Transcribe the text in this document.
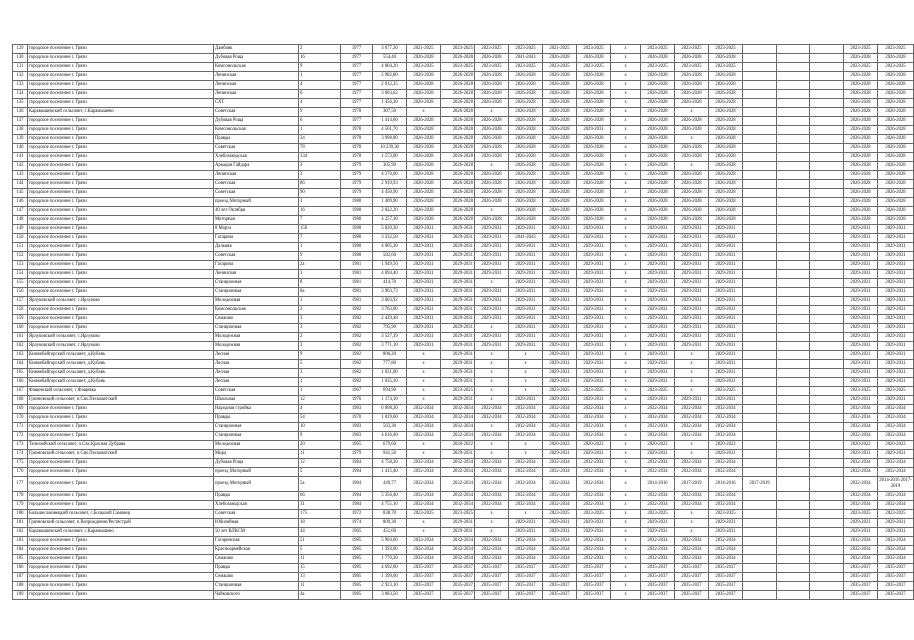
129	городское поселение г. Грязи	Дамбовк	2	1977	3 677,30	2021-2025	2023-2025	2023-2025	2023-2025	2021-2025	2023-2025	х	2023-2025	2023-2025	2023-2025				2023-2025	2023-2025
130	городское поселение г. Грязи	Дубовая Роща	16	1977	554,40	2026-2028	2026-2028	2026-2028	2041-2043	2026-2028	2026-2028	х	2026-2028	2026-2028	2026-2028				2026-2028	2026-2028
131	городское поселение г. Грязи	Комсомольская	9	1977	4 804,20	2023-2025	2023-2025	2023-2025	2023-2025	2023-2025	2023-2025	х	2023-2025	2023-2025	2023-2025				2023-2025	2023-2025
132	городское поселение г. Грязи	Ленинская	1	1977	2 982,00	2026-2028	2026-2028	2026-2028	2026-2028	2026-2028	2026-2028	х	2026-2028	2026-2028	2026-2028				2026-2028	2026-2028
133	городское поселение г. Грязи	Ленинская	4	1977	2 912,35	2026-2028	2026-2028	2026-2028	2026-2028	2026-2028	2026-2028	х	2026-2028	2026-2028	2026-2028				2026-2028	2026-2028
134	городское поселение г. Грязи	Ленинская	6	1977	3 003,62	2026-2028	2026-2028	2026-2028	2026-2028	2026-2028	2026-2028	х	2026-2028	2026-2028	2026-2028				2026-2028	2026-2028
135	городское поселение г. Грязи	СХТ	4	1977	1 456,30	2026-2028	2026-2028	2026-2028	2026-2028	2026-2028	2026-2028	х	2026-2028	2026-2028	2026-2028				2026-2028	2026-2028
136	Карамышевский сельсовет, с.Карамышево	Советская	9	1978	307,50	х	2026-2028	х	2026-2028	2026-2028	2026-2028	х	2026-2028	х	2026-2028				2026-2028	2026-2028
137	городское поселение г. Грязи	Дубовая Роща	6	1977	1 414,60	2026-2028	2026-2028	2026-2028	2026-2028	2026-2028	2026-2028	х	2026-2028	2026-2028	2026-2028				2026-2028	2026-2028
138	городское поселение г. Грязи	Комсомольская	1	1978	4 561,70	2026-2028	2026-2028	2026-2028	2026-2028	2026-2028	2029-2031	х	2026-2028	2026-2028	2026-2028				2026-2028	2026-2028
139	городское поселение г. Грязи	Правды	34	1978	3 998,80	2026-2028	2026-2028	2026-2028	2026-2028	2026-2028	2026-2028	х	2026-2028	х	2026-2028				2026-2028	2026-2028
140	городское поселение г. Грязи	Советская	78	1978	10 239,30	2026-2028	2026-2028	2026-2028	2026-2028	2026-2028	2026-2028	х	2026-2028	2026-2028	2026-2028				2026-2028	2026-2028
141	городское поселение г. Грязи	Хлебозаводская	134	1978	1 573,00	2026-2028	2026-2028	2026-2028	2026-2028	2026-2028	2026-2028	х	2026-2028	2026-2028	2026-2028				2026-2028	2026-2028
142	городское поселение г. Грязи	Аркадия Гайдара	3	1979	305,90	2026-2028	2026-2028	х	2026-2028	2026-2028	2026-2028	х	2026-2028	х	2026-2028				2026-2028	2026-2028
143	городское поселение г. Грязи	Ленинская	2	1979	4 270,00	2026-2028	2026-2028	2026-2028	2026-2028	2026-2028	2026-2028	х	2026-2028	2026-2028	2026-2028				2026-2028	2026-2028
144	городское поселение г. Грязи	Советская	86	1979	2 919,93	2026-2028	2026-2028	2026-2028	2026-2028	2026-2028	2026-2028	х	2026-2028	2026-2028	2026-2028				2026-2028	2026-2028
145	городское поселение г. Грязи	Советская	90	1979	4 450,90	2026-2028	2026-2028	2026-2028	2026-2028	2026-2028	2026-2028	х	2026-2028	2026-2028	2026-2028				2026-2028	2026-2028
146	городское поселение г. Грязи	проезд Моторный	3	1980	1 409,90	2026-2028	2026-2028	2026-2028	2026-2028	2026-2028	2026-2028	х	2026-2028	2026-2028	2026-2028				2026-2028	2026-2028
147	городское поселение г. Грязи	40 лет Октября	16	1980	2 822,20	2026-2028	2026-2028	х	2026-2028	2026-2028	2026-2028	х	2026-2028	2026-2028	2026-2028				2026-2028	2026-2028
148	городское поселение г. Грязи	Моторная	7	1980	4 257,30	2026-2028	2026-2028	2026-2028	2026-2028	2026-2028	2026-2028	х	2026-2028	2026-2028	2026-2028				2026-2028	2026-2028
149	городское поселение г. Грязи	8 Марта	15б	1980	5 820,30	2029-2031	2029-2031	2029-2031	2029-2031	2029-2031	2029-2031	х	2029-2031	2029-2031	2029-2031				2029-2031	2029-2031
150	городское поселение г. Грязи	Гагарина	7	1980	3 332,50	2029-2031	2029-2031	2029-2031	2041-2043	2029-2031	2029-2031	х	2029-2031	2029-2031	2029-2031				2029-2031	2029-2031
151	городское поселение г. Грязи	Дальняя	1	1980	4 805,30	2029-2031	2029-2031	2029-2031	2029-2031	2029-2031	2029-2031	х	2029-2031	2029-2031	2029-2031				2029-2031	2029-2031
152	городское поселение г. Грязи	Советская	9	1980	582,60	2029-2031	2029-2031	2029-2031	2029-2031	2029-2031	2029-2031	х	2029-2031	2029-2031	2029-2031				2029-2031	2029-2031
153	городское поселение г. Грязи	Гагарина	2а	1981	1 949,50	2029-2031	2029-2031	2029-2031	2029-2031	2029-2031	2029-2031	х	2029-2031	2029-2031	2029-2031				2029-2031	2029-2031
154	городское поселение г. Грязи	Ленинская	3	1981	4 894,40	2029-2031	2029-2031	2029-2031	2029-2031	2029-2031	2029-2031	х	2029-2031	2029-2031	2029-2031				2029-2031	2029-2031
155	городское поселение г. Грязи	Станционная	8	1981	414,70	2029-2031	2029-2031	х	2029-2031	2029-2031	2029-2031	х	2029-2031	2029-2031	2029-2031				2029-2031	2029-2031
156	городское поселение г. Грязи	Станционная	8а	1981	3 903,73	2029-2031	2029-2031	2029-2031	2029-2031	2029-2031	2029-2031	х	2029-2031	2029-2031	2029-2031				2029-2031	2029-2031
157	Ярлуковский сельсовет, с.Ярлуково	Молодежная	1	1981	3 603,92	2029-2031	2029-2031	2029-2031	2029-2031	2029-2031	2029-2031	х	2029-2031	2029-2031	2029-2031				2029-2031	2029-2031
158	городское поселение г. Грязи	Комсомольская	2	1982	3 763,00	2029-2031	2029-2031	2029-2031	2029-2031	2029-2031	2029-2031	х	2029-2031	2029-2031	2029-2031				2029-2031	2029-2031
159	городское поселение г. Грязи	Семашко	3	1982	2 429,48	2029-2031	2029-2031	2029-2031	2029-2031	2029-2031	2029-2031	х	2029-2031	2029-2031	2029-2031				2029-2031	2029-2031
160	городское поселение г. Грязи	Станционная	3	1982	795,90	2029-2031	2029-2031	х	2029-2031	2029-2031	2029-2031	х	2029-2031	2029-2031	2029-2031				2029-2031	2029-2031
161	Ярлуковский сельсовет, с.Ярлуково	Молодежная	2	1982	3 527,39	2029-2031	2029-2031	2029-2031	2029-2031	2029-2031	2029-2031	х	2029-2031	2029-2031	2029-2031				2029-2031	2029-2031
162	Ярлуковский сельсовет, с.Ярлуково	Молодежная	3	1982	3 771,10	2029-2031	2029-2031	2029-2031	2029-2031	2029-2031	2029-2031	х	2029-2031	2029-2031	2029-2031				2029-2031	2029-2031
163	Княжебайгорский сельсовет, д.Кубань	Лесная	9	1982	806,20	х	2029-2031	х	х	2029-2031	2029-2031	х	2029-2031	х	2029-2031				2029-2031	2029-2031
164	Княжебайгорский сельсовет, д.Кубань	Лесная	5	1982	777,80	х	2029-2031	х	х	2029-2031	2029-2031	х	2029-2031	х	2029-2031				2029-2031	2029-2031
165	Княжебайгорский сельсовет, д.Кубань	Лесная	3	1982	1 031,00	х	2029-2031	х	х	2029-2031	2029-2031	х	2029-2031	х	2029-2031				2029-2031	2029-2031
166	Княжебайгорский сельсовет, д.Кубань	Лесная	1	1982	1 035,10	х	2029-2031	х	х	2029-2031	2029-2031	х	2029-2031	х	2029-2031				2029-2031	2029-2031
167	Фащевский сельсовет, с.Фащевка	Советская	1	1967	694,90	х	2023-2025	х	х	2023-2025	2023-2025	х	2023-2025	х	2023-2025				2023-2025	2023-2025
168	Грязновский сельсовет, п.Свх.Песковатский	Школьная	12	1976	1 174,10	х	2029-2031	х	2029-2031	2029-2031	2029-2031	х	2029-2031	2029-2031	2029-2031				2029-2031	2029-2031
169	городское поселение г. Грязи	Народная стройка	4	1983	6 898,20	2032-2034	2032-2034	2032-2034	2032-2034	2032-2034	2032-2034	х	2032-2034	2032-2034	2032-2034				2032-2034	2032-2034
170	городское поселение г. Грязи	Правды	54	1970	1 019,60	2032-2034	2032-2034	2032-2034	2032-2034	2032-2034	2032-2034	х	2032-2034	2032-2034	2032-2034				2032-2034	2032-2034
171	городское поселение г. Грязи	Станционная	10	1983	563,30	2032-2034	2032-2034	х	2032-2034	2032-2034	2032-2034	х	2032-2034	2032-2034	2032-2034				2032-2034	2032-2034
172	городское поселение г. Грязи	Станционная	9	1983	4 616,40	2032-2034	2032-2034	2032-2034	2032-2034	2032-2034	2032-2034	х	2032-2034	2032-2034	2032-2034				2032-2034	2032-2034
173	Телелюйский сельсовет, п.Свх.Красная Дубрава	Молодежная	20	1965	679,60	х	2020-2022	х	х	2020-2022	2020-2022	х	2020-2022	х	2020-2022				2020-2022	2020-2022
174	Грязновский сельсовет, п.Свх.Песковатский	Мира	11	1979	941,50	х	2029-2031	х	х	2029-2031	2029-2031	х	2029-2031	х	2029-2031				2029-2031	2029-2031
175	городское поселение г. Грязи	Дубовая Роща	12	1984	4 758,20	2032-2034	2032-2034	2032-2034	2032-2034	2032-2034	2032-2034	х	2032-2034	2032-2034	2032-2034				2032-2034	2032-2034
176	городское поселение г. Грязи	проезд Моторный	5	1984	1 415,40	2032-2034	2032-2034	2032-2034	2032-2034	2032-2034	2032-2034	х	2032-2034	2032-2034	2032-2034				2032-2034	2032-2034
177	городское поселение г. Грязи	проезд Моторный	5а	1984	449,77	2032-2034	2032-2034	2032-2034	2032-2034	2032-2034	2032-2034	х	2014-2016	2017-2019	2014-2016	2017-2019			2032-2034	2014-2016 2017-2019
178	городское поселение г. Грязи	Правды	66	1984	5 356,40	2032-2034	2032-2034	2032-2034	2032-2034	2032-2034	2032-2034	х	2032-2034	2032-2034	2032-2034				2032-2034	2032-2034
179	городское поселение г. Грязи	Хлебозаводская	31	1984	4 755,10	2032-2034	2032-2034	2032-2034	2032-2034	2032-2034	2032-2034	х	2032-2034	2032-2034	2032-2034				2032-2034	2032-2034
180	Большесамовецкий сельсовет, с.Большой Самовец	Советская	175	1972	838,70	2023-2025	2023-2025	х	х	2023-2025	2023-2025	х	2023-2025	х	2023-2025				2023-2025	2023-2025
181	Грязновский сельсовет, п.Возрождение/Рестястрой	Юбилейная	18	1974	809,30	х	2029-2031	х	2029-2031	2029-2031	2029-2031	х	2029-2031	х	2029-2031				2029-2031	2029-2031
182	Карамышевский сельсовет, с.Карамышево	50 лет ВЛКСМ	44	1965	451,00	х	2029-2031	х	2029-2031	2029-2031	2029-2031	х	2029-2031	х	2029-2031				2029-2031	2029-2031
183	городское поселение г. Грязи	Гагаринская	51	1985	5 904,60	2032-2034	2032-2034	2032-2034	2032-2034	2032-2034	2032-2034	х	2032-2034	2032-2034	2032-2034				2032-2034	2032-2034
184	городское поселение г. Грязи	Красноармейская	5	1985	1 393,00	2032-2034	2032-2034	2032-2034	2032-2034	2032-2034	2032-2034	х	2032-2034	2032-2034	2032-2034				2032-2034	2032-2034
185	городское поселение г. Грязи	Семашко	11	1985	1 770,20	2032-2034	2032-2034	2032-2034	2032-2034	2032-2034	2032-2034	х	2032-2034	2032-2034	2032-2034				2032-2034	2032-2034
186	городское поселение г. Грязи	Правды	15	1985	4 692,00	2035-2037	2035-2037	2035-2037	2035-2037	2035-2037	2035-2037	х	2035-2037	2035-2037	2035-2037				2035-2037	2035-2037
187	городское поселение г. Грязи	Семашко	13	1985	1 399,60	2035-2037	2035-2037	2035-2037	2035-2037	2035-2037	2035-2037	х	2035-2037	2035-2037	2035-2037				2035-2037	2035-2037
188	городское поселение г. Грязи	Станционная	11	1985	2 923,10	2035-2037	2035-2037	2035-2037	2035-2037	2035-2037	2035-2037	х	2035-2037	2035-2037	2035-2037				2035-2037	2035-2037
189	городское поселение г. Грязи	Чайковского	4а	1985	3 083,50	2035-2037	2035-2037	2035-2037	2035-2037	2035-2037	2035-2037	х	2035-2037	2035-2037	2035-2037				2035-2037	2035-2037
